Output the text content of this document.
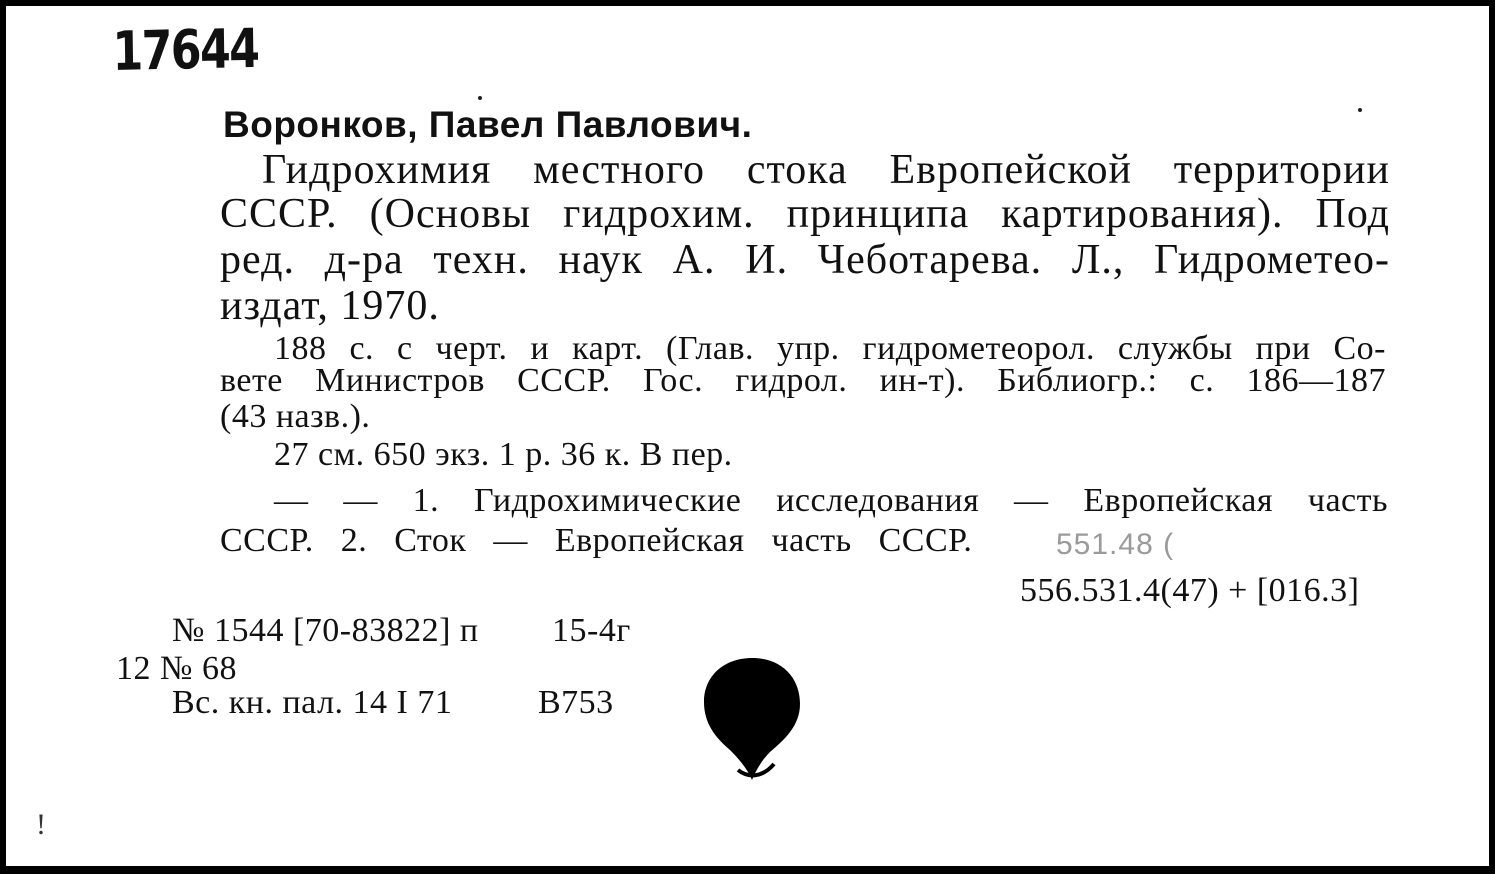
17644
Воронков, Павел Павлович.
Гидрохимия местного стока Европейской территории
СССР. (Основы гидрохим. принципа картирования). Под
ред. д-ра техн. наук А. И. Чеботарева. Л., Гидрометео-
издат, 1970.
188 с. с черт. и карт. (Глав. упр. гидрометеорол. службы при Со-
вете Министров СССР. Гос. гидрол. ин-т). Библиогр.: с. 186—187
(43 назв.).
27 см. 650 экз. 1 р. 36 к. В пер.
— — 1. Гидрохимические исследования — Европейская часть
СССР. 2. Сток — Европейская часть СССР.	551.48 (
556.531.4(47) + [016.3]
№ 1544 [70-83822] п 15-4г
12 № 68
Вс. кн. пал. 14 I 71	В753
!
